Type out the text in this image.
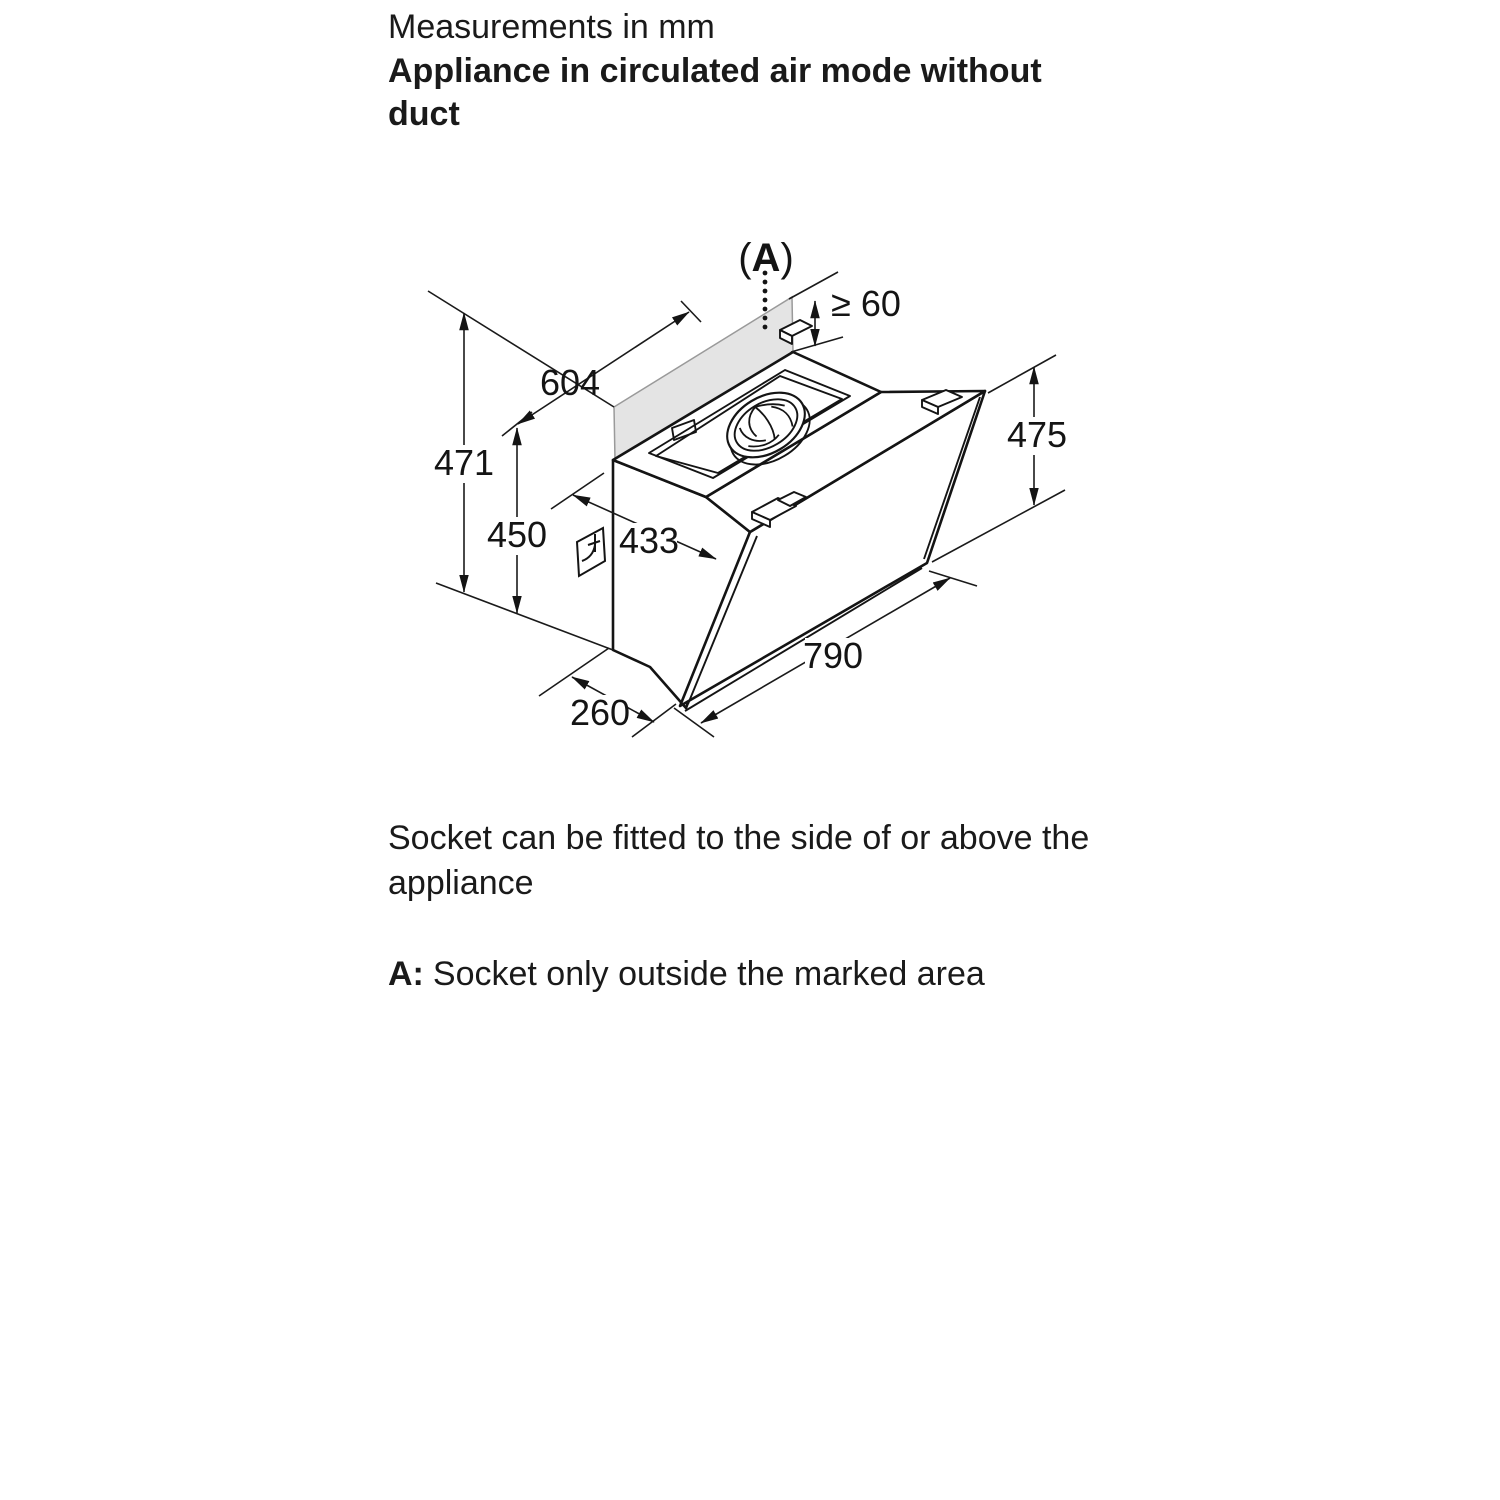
Measurements in mm
Appliance in circulated air mode without duct
604
471
450 433
475
790
260
≥ 60
(A)
Socket can be fitted to the side of or above the appliance
A: Socket only outside the marked area
